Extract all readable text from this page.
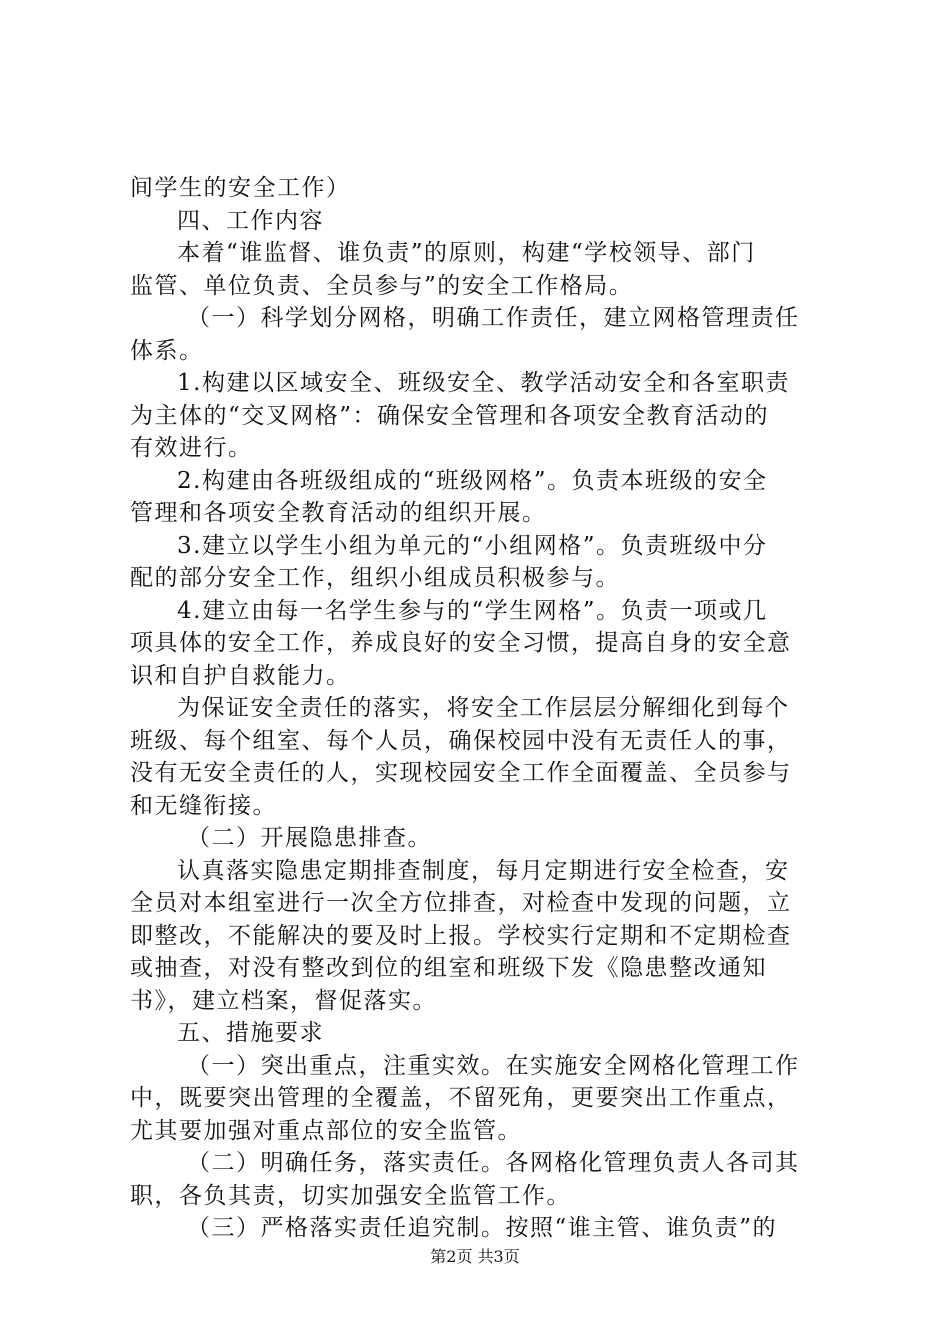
间学生的安全工作）
四、工作内容
本着“谁监督、谁负责”的原则，构建“学校领导、部门
监管、单位负责、全员参与”的安全工作格局。
（一）科学划分网格，明确工作责任，建立网格管理责任
体系。
1.构建以区域安全、班级安全、教学活动安全和各室职责
为主体的“交叉网格”：确保安全管理和各项安全教育活动的
有效进行。
2.构建由各班级组成的“班级网格”。负责本班级的安全
管理和各项安全教育活动的组织开展。
3.建立以学生小组为单元的“小组网格”。负责班级中分
配的部分安全工作，组织小组成员积极参与。
4.建立由每一名学生参与的“学生网格”。负责一项或几
项具体的安全工作，养成良好的安全习惯，提高自身的安全意
识和自护自救能力。
为保证安全责任的落实，将安全工作层层分解细化到每个
班级、每个组室、每个人员，确保校园中没有无责任人的事，
没有无安全责任的人，实现校园安全工作全面覆盖、全员参与
和无缝衔接。
（二）开展隐患排查。
认真落实隐患定期排查制度，每月定期进行安全检查，安
全员对本组室进行一次全方位排查，对检查中发现的问题，立
即整改，不能解决的要及时上报。学校实行定期和不定期检查
或抽查，对没有整改到位的组室和班级下发《隐患整改通知
书》，建立档案，督促落实。
五、措施要求
（一）突出重点，注重实效。在实施安全网格化管理工作
中，既要突出管理的全覆盖，不留死角，更要突出工作重点，
尤其要加强对重点部位的安全监管。
（二）明确任务，落实责任。各网格化管理负责人各司其
职，各负其责，切实加强安全监管工作。
（三）严格落实责任追究制。按照“谁主管、谁负责”的
第2页 共3页
